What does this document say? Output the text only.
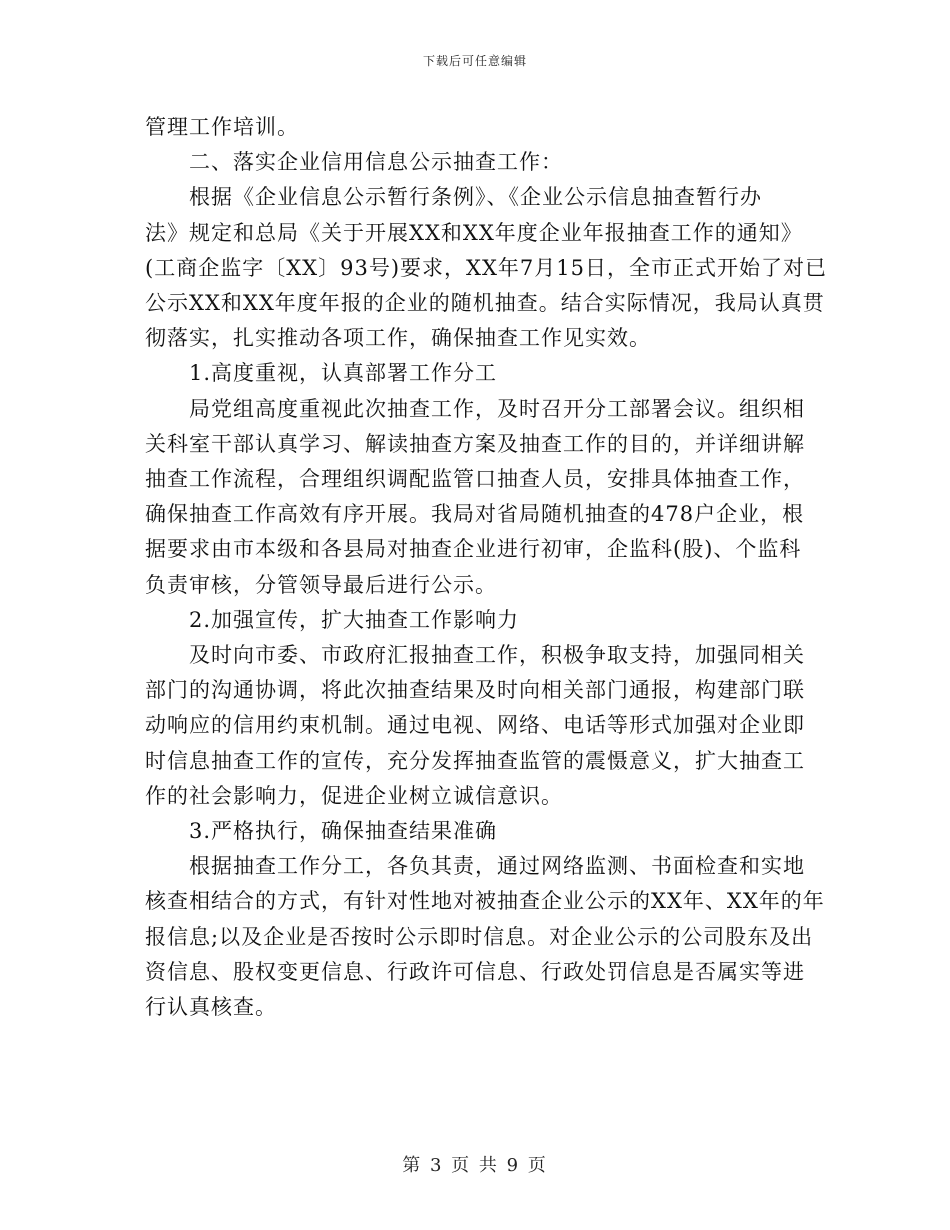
下载后可任意编辑

管理工作培训。

　　二、落实企业信用信息公示抽查工作：

　　根据《企业信息公示暂行条例》、《企业公示信息抽查暂行办

法》规定和总局《关于开展XX和XX年度企业年报抽查工作的通知》

(工商企监字〔XX〕93号)要求，XX年7月15日，全市正式开始了对已

公示XX和XX年度年报的企业的随机抽查。结合实际情况，我局认真贯

彻落实，扎实推动各项工作，确保抽查工作见实效。

　　1.高度重视，认真部署工作分工

　　局党组高度重视此次抽查工作，及时召开分工部署会议。组织相

关科室干部认真学习、解读抽查方案及抽查工作的目的，并详细讲解

抽查工作流程，合理组织调配监管口抽查人员，安排具体抽查工作，

确保抽查工作高效有序开展。我局对省局随机抽查的478户企业，根

据要求由市本级和各县局对抽查企业进行初审，企监科(股)、个监科

负责审核，分管领导最后进行公示。

　　2.加强宣传，扩大抽查工作影响力

　　及时向市委、市政府汇报抽查工作，积极争取支持，加强同相关

部门的沟通协调，将此次抽查结果及时向相关部门通报，构建部门联

动响应的信用约束机制。通过电视、网络、电话等形式加强对企业即

时信息抽查工作的宣传，充分发挥抽查监管的震慑意义，扩大抽查工

作的社会影响力，促进企业树立诚信意识。

　　3.严格执行，确保抽查结果准确

　　根据抽查工作分工，各负其责，通过网络监测、书面检查和实地

核查相结合的方式，有针对性地对被抽查企业公示的XX年、XX年的年

报信息;以及企业是否按时公示即时信息。对企业公示的公司股东及出

资信息、股权变更信息、行政许可信息、行政处罚信息是否属实等进

行认真核查。

第 3 页 共 9 页
